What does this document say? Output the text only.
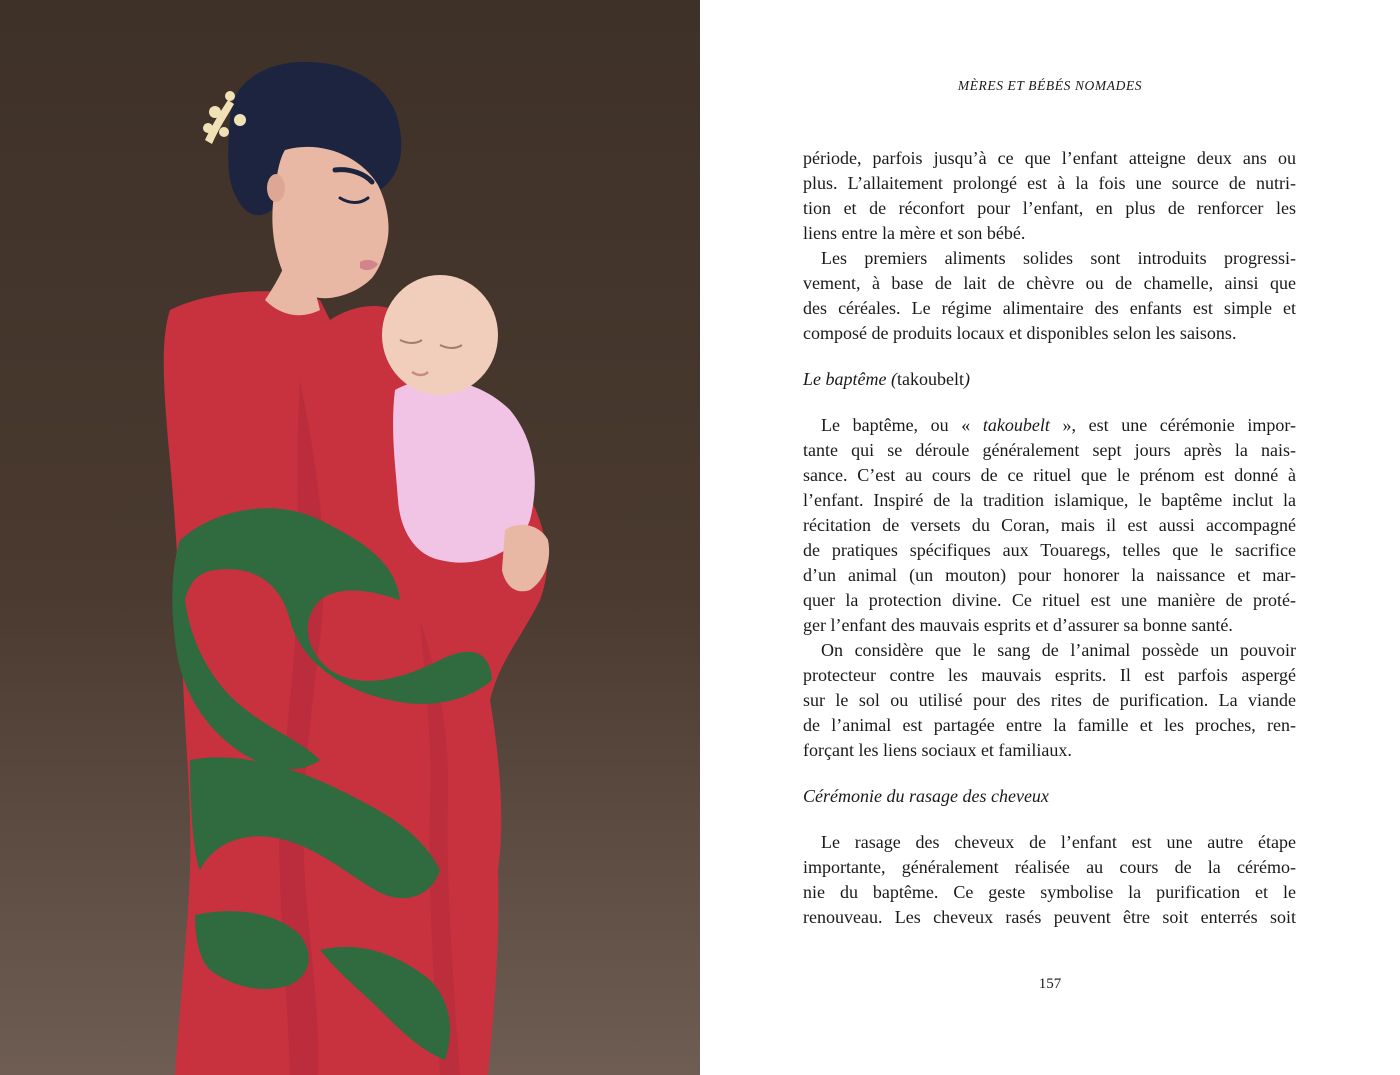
MÈRES ET BÉBÉS NOMADES
période, parfois jusqu’à ce que l’enfant atteigne deux ans ou
plus. L’allaitement prolongé est à la fois une source de nutri-
tion et de réconfort pour l’enfant, en plus de renforcer les
liens entre la mère et son bébé.
Les premiers aliments solides sont introduits progressi-
vement, à base de lait de chèvre ou de chamelle, ainsi que
des céréales. Le régime alimentaire des enfants est simple et
composé de produits locaux et disponibles selon les saisons.

Le baptême (takoubelt)

Le baptême, ou « takoubelt », est une cérémonie impor-
tante qui se déroule généralement sept jours après la nais-
sance. C’est au cours de ce rituel que le prénom est donné à
l’enfant. Inspiré de la tradition islamique, le baptême inclut la
récitation de versets du Coran, mais il est aussi accompagné
de pratiques spécifiques aux Touaregs, telles que le sacrifice
d’un animal (un mouton) pour honorer la naissance et mar-
quer la protection divine. Ce rituel est une manière de proté-
ger l’enfant des mauvais esprits et d’assurer sa bonne santé.
On considère que le sang de l’animal possède un pouvoir
protecteur contre les mauvais esprits. Il est parfois aspergé
sur le sol ou utilisé pour des rites de purification. La viande
de l’animal est partagée entre la famille et les proches, ren-
forçant les liens sociaux et familiaux.

Cérémonie du rasage des cheveux

Le rasage des cheveux de l’enfant est une autre étape
importante, généralement réalisée au cours de la cérémo-
nie du baptême. Ce geste symbolise la purification et le
renouveau. Les cheveux rasés peuvent être soit enterrés soit
157
